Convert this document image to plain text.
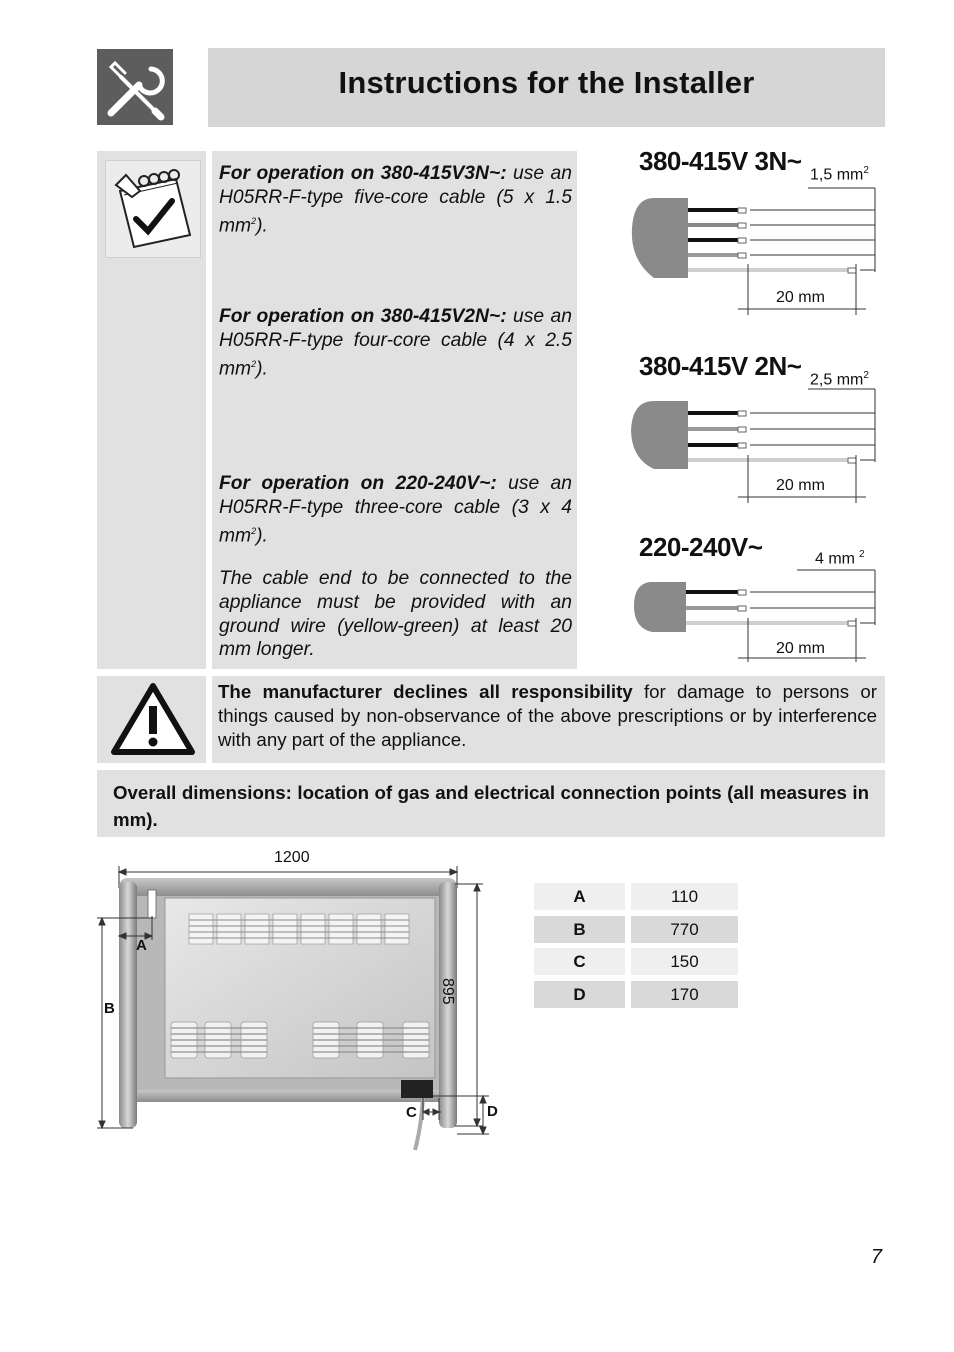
Instructions for the Installer
For operation on 380-415V3N~: use an H05RR-F-type five-core cable (5 x 1.5 $mm^2$).
For operation on 380-415V2N~: use an H05RR-F-type four-core cable (4 x 2.5 $mm^2$).
For operation on 220-240V~: use an H05RR-F-type three-core cable (3 x 4 $mm^2$).
The cable end to be connected to the appliance must be provided with an ground wire (yellow-green) at least 20 mm longer.
380-415V 3N~ 1,5 $mm^2$
20 mm
380-415V 2N~ 2,5 $mm^2$
20 mm
220-240V~	4 mm $^2$
20 mm
The manufacturer declines all responsibility for damage to persons or things caused by non-observance of the above prescriptions or by interference with any part of the appliance.
Overall dimensions: location of gas and electrical connection points (all measures in mm).
1200
895
A
B
C	D
A	110
B	770
C	150
D	170
7
